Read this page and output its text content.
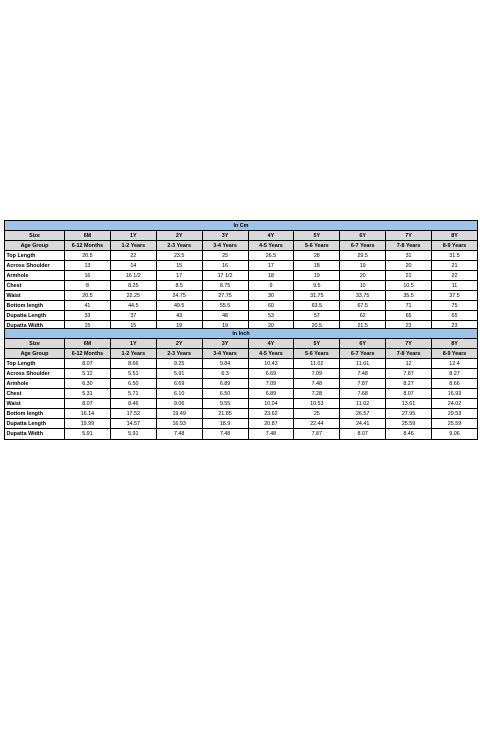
In Cm									
Size	6M	1Y	2Y	3Y	4Y	5Y	6Y	7Y	8Y
Age Group	6-12 Months	1-2 Years	2-3 Years	3-4 Years	4-5 Years	5-6 Years	6-7 Years	7-8 Years	8-9 Years
Top Length	20.5	22	23.5	25	26.5	28	29.5	31	31.5
Across Shoulder	13	14	15	16	17	18	19	20	21
Armhole	16	16 1/2	17	17 1/2	18	19	20	21	22
Chest	8	8.25	8.5	8.75	9	9.5	10	10.5	11
Waist	20.5	22.25	24.75	27.75	30	31.75	33.75	35.5	37.5
Bottom length	41	44.5	49.5	55.5	60	63.5	67.5	71	75
Dupatta Length	33	37	43	48	53	57	62	65	65
Dupatta Width	15	15	19	19	20	20.5	21.5	23	23
In Inch									
Size	6M	1Y	2Y	3Y	4Y	5Y	6Y	7Y	8Y
Age Group	6-12 Months	1-2 Years	2-3 Years	3-4 Years	4-5 Years	5-6 Years	6-7 Years	7-8 Years	8-9 Years
Top Length	8.07	8.66	9.25	9.84	10.43	11.02	11.61	12	12.4
Across Shoulder	5.12	5.51	5.91	6.3	6.69	7.09	7.48	7.87	8.27
Armhole	6.30	6.50	6.69	6.89	7.09	7.48	7.87	8.27	8.66
Chest	5.31	5.71	6.10	6.50	6.89	7.28	7.68	8.07	16.93
Waist	8.07	8.46	9.06	9.55	10.04	10.53	11.02	13.61	24.02
Bottom length	16.14	17.52	19.49	21.85	23.62	25	26.57	27.95	29.53
Dupatta Length	19.99	14.57	16.93	18.9	20.87	22.44	24.41	25.59	25.59
Dupatta Width	5.91	5.91	7.48	7.48	7.48	7.87	8.07	8.46	9.06
